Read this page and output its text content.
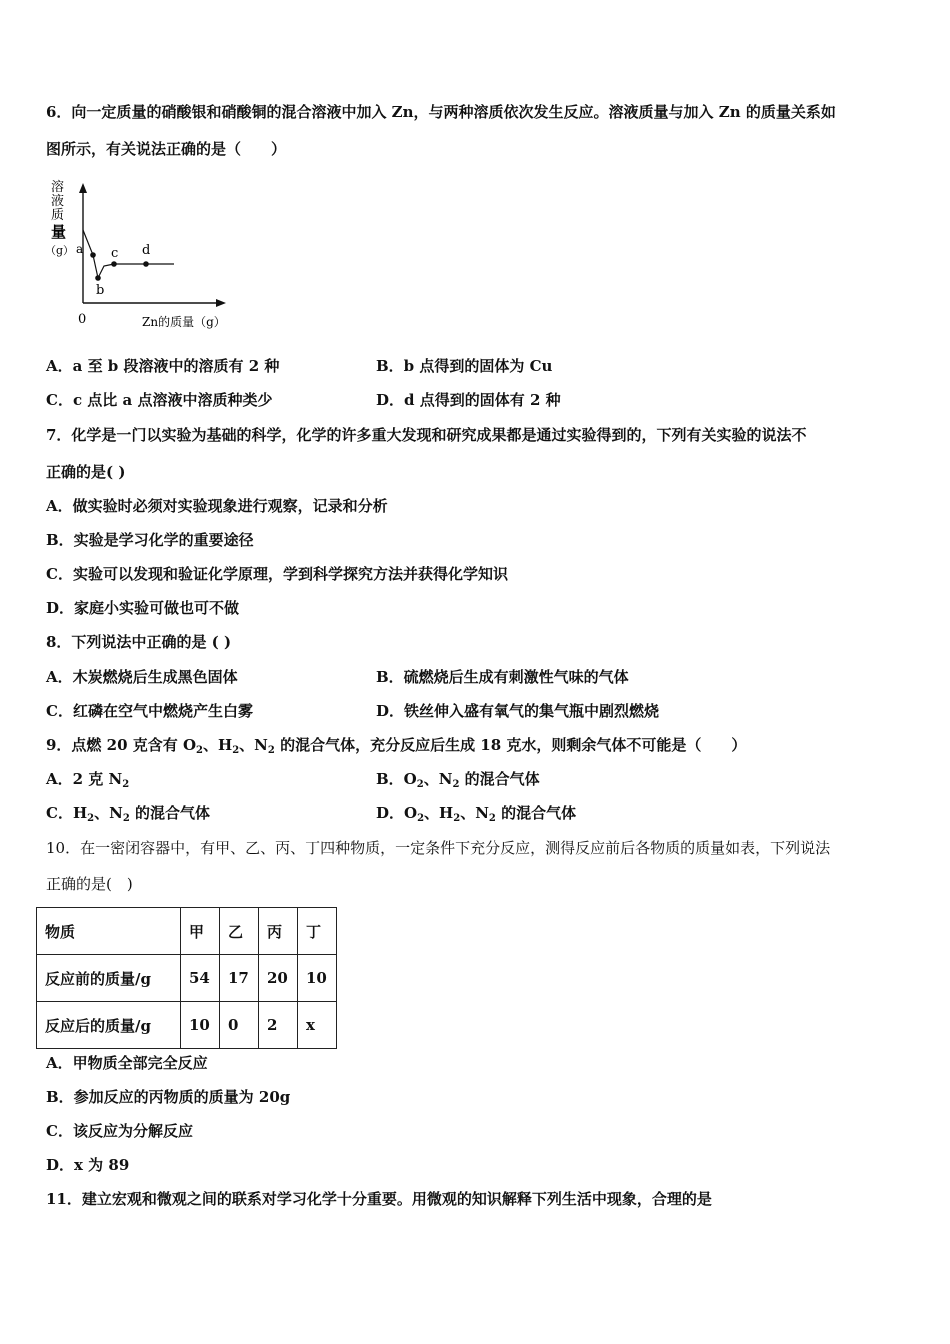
6．向一定质量的硝酸银和硝酸铜的混合溶液中加入 Zn，与两种溶质依次发生反应。溶液质量与加入 Zn 的质量关系如
图所示，有关说法正确的是（　　）
溶
液
质
量
（g） a
b
c d
0	Zn的质量（g）
A．a 至 b 段溶液中的溶质有 2 种	B．b 点得到的固体为 Cu
C．c 点比 a 点溶液中溶质种类少	D．d 点得到的固体有 2 种
7．化学是一门以实验为基础的科学，化学的许多重大发现和研究成果都是通过实验得到的，下列有关实验的说法不
正确的是( )
A．做实验时必须对实验现象进行观察，记录和分析
B．实验是学习化学的重要途径
C．实验可以发现和验证化学原理，学到科学探究方法并获得化学知识
D．家庭小实验可做也可不做
8．下列说法中正确的是 ( )
A．木炭燃烧后生成黑色固体	B．硫燃烧后生成有刺激性气味的气体
C．红磷在空气中燃烧产生白雾	D．铁丝伸入盛有氧气的集气瓶中剧烈燃烧
9．点燃 20 克含有 $O_2$、$H_2$、$N_2$ 的混合气体，充分反应后生成 18 克水，则剩余气体不可能是（　　）
A．2 克 $N_2$	B．$O_2$、$N_2$ 的混合气体
C．$H_2$、$N_2$ 的混合气体	D．$O_2$、$H_2$、$N_2$ 的混合气体
10．在一密闭容器中，有甲、乙、丙、丁四种物质，一定条件下充分反应，测得反应前后各物质的质量如表，下列说法
正确的是(　)
物质	甲	乙	丙	丁
反应前的质量/g	54	17	20	10
反应后的质量/g	10	0	2	x
A．甲物质全部完全反应
B．参加反应的丙物质的质量为 20g
C．该反应为分解反应
D．x 为 89
11．建立宏观和微观之间的联系对学习化学十分重要。用微观的知识解释下列生活中现象，合理的是
